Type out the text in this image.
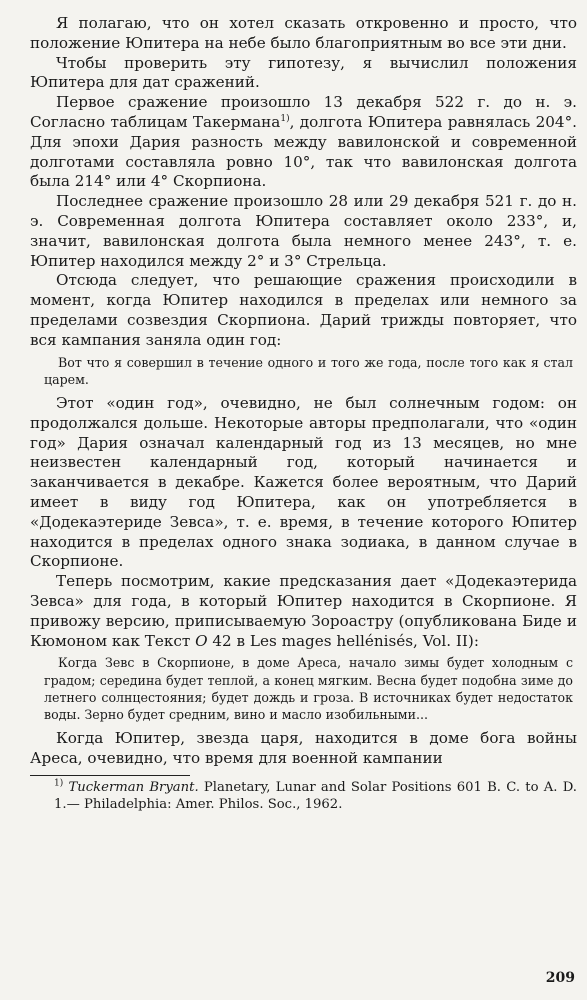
Я полагаю, что он хотел сказать откровенно и просто, что положение Юпитера на небе было благоприятным во все эти дни.

Чтобы проверить эту гипотезу, я вычислил положения Юпитера для дат сражений.

Первое сражение произошло 13 декабря 522 г. до н. э. Согласно таблицам Такермана$^{1)}$, долгота Юпитера равнялась 204°. Для эпохи Дария разность между вавилонской и современной долготами составляла ровно 10°, так что вавилонская долгота была 214° или 4° Скорпиона.

Последнее сражение произошло 28 или 29 декабря 521 г. до н. э. Современная долгота Юпитера составляет около 233°, и, значит, вавилонская долгота была немного менее 243°, т. е. Юпитер находился между 2° и 3° Стрельца.

Отсюда следует, что решающие сражения происходили в момент, когда Юпитер находился в пределах или немного за пределами созвездия Скорпиона. Дарий трижды повторяет, что вся кампания заняла один год:

Вот что я совершил в течение одного и того же года, после того как я стал царем.

Этот «один год», очевидно, не был солнечным годом: он продолжался дольше. Некоторые авторы предполагали, что «один год» Дария означал календарный год из 13 месяцев, но мне неизвестен календарный год, который начинается и заканчивается в декабре. Кажется более вероятным, что Дарий имеет в виду год Юпитера, как он употребляется в «Додекаэтериде Зевса», т. е. время, в течение которого Юпитер находится в пределах одного знака зодиака, в данном случае в Скорпионе.

Теперь посмотрим, какие предсказания дает «Додекаэтерида Зевса» для года, в который Юпитер находится в Скорпионе. Я привожу версию, приписываемую Зороастру (опубликована Биде и Кюмоном как Текст O 42 в Les mages hellénisés, Vol. II):

Когда Зевс в Скорпионе, в доме Ареса, начало зимы будет холодным с градом; середина будет теплой, а конец мягким. Весна будет подобна зиме до летнего солнцестояния; будет дождь и гроза. В источниках будет недостаток воды. Зерно будет средним, вино и масло изобильными...

Когда Юпитер, звезда царя, находится в доме бога войны Ареса, очевидно, что время для военной кампании

$^{1)}$ Tuckerman Bryant. Planetary, Lunar and Solar Positions 601 B. C. to A. D. 1.— Philadelphia: Amer. Philos. Soc., 1962.

209
